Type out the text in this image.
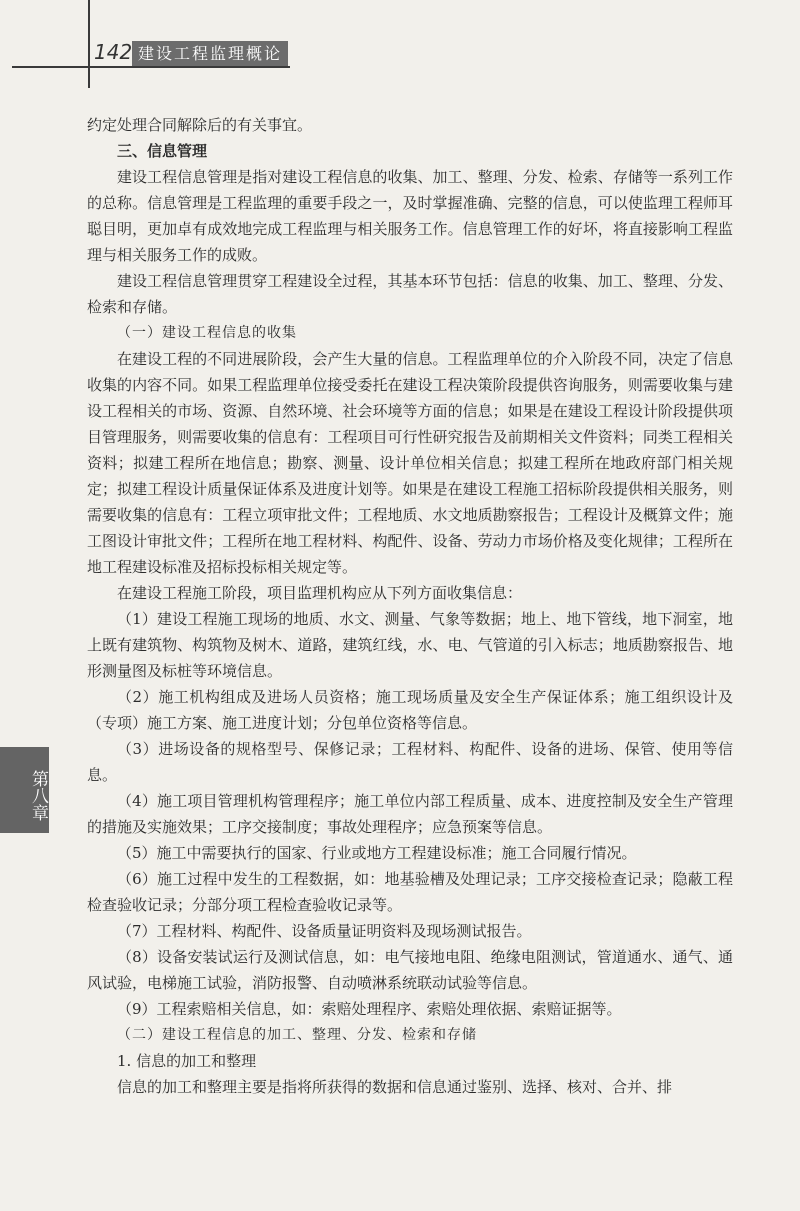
142 建设工程监理概论
第八章

约定处理合同解除后的有关事宜。

三、信息管理

建设工程信息管理是指对建设工程信息的收集、加工、整理、分发、检索、存储等一系列工作的总称。信息管理是工程监理的重要手段之一，及时掌握准确、完整的信息，可以使监理工程师耳聪目明，更加卓有成效地完成工程监理与相关服务工作。信息管理工作的好坏，将直接影响工程监理与相关服务工作的成败。

建设工程信息管理贯穿工程建设全过程，其基本环节包括：信息的收集、加工、整理、分发、检索和存储。

（一）建设工程信息的收集

在建设工程的不同进展阶段，会产生大量的信息。工程监理单位的介入阶段不同，决定了信息收集的内容不同。如果工程监理单位接受委托在建设工程决策阶段提供咨询服务，则需要收集与建设工程相关的市场、资源、自然环境、社会环境等方面的信息；如果是在建设工程设计阶段提供项目管理服务，则需要收集的信息有：工程项目可行性研究报告及前期相关文件资料；同类工程相关资料；拟建工程所在地信息；勘察、测量、设计单位相关信息；拟建工程所在地政府部门相关规定；拟建工程设计质量保证体系及进度计划等。如果是在建设工程施工招标阶段提供相关服务，则需要收集的信息有：工程立项审批文件；工程地质、水文地质勘察报告；工程设计及概算文件；施工图设计审批文件；工程所在地工程材料、构配件、设备、劳动力市场价格及变化规律；工程所在地工程建设标准及招标投标相关规定等。

在建设工程施工阶段，项目监理机构应从下列方面收集信息：

（1）建设工程施工现场的地质、水文、测量、气象等数据；地上、地下管线，地下洞室，地上既有建筑物、构筑物及树木、道路，建筑红线，水、电、气管道的引入标志；地质勘察报告、地形测量图及标桩等环境信息。

（2）施工机构组成及进场人员资格；施工现场质量及安全生产保证体系；施工组织设计及（专项）施工方案、施工进度计划；分包单位资格等信息。

（3）进场设备的规格型号、保修记录；工程材料、构配件、设备的进场、保管、使用等信息。

（4）施工项目管理机构管理程序；施工单位内部工程质量、成本、进度控制及安全生产管理的措施及实施效果；工序交接制度；事故处理程序；应急预案等信息。

（5）施工中需要执行的国家、行业或地方工程建设标准；施工合同履行情况。

（6）施工过程中发生的工程数据，如：地基验槽及处理记录；工序交接检查记录；隐蔽工程检查验收记录；分部分项工程检查验收记录等。

（7）工程材料、构配件、设备质量证明资料及现场测试报告。

（8）设备安装试运行及测试信息，如：电气接地电阻、绝缘电阻测试，管道通水、通气、通风试验，电梯施工试验，消防报警、自动喷淋系统联动试验等信息。

（9）工程索赔相关信息，如：索赔处理程序、索赔处理依据、索赔证据等。

（二）建设工程信息的加工、整理、分发、检索和存储

1. 信息的加工和整理

信息的加工和整理主要是指将所获得的数据和信息通过鉴别、选择、核对、合并、排
